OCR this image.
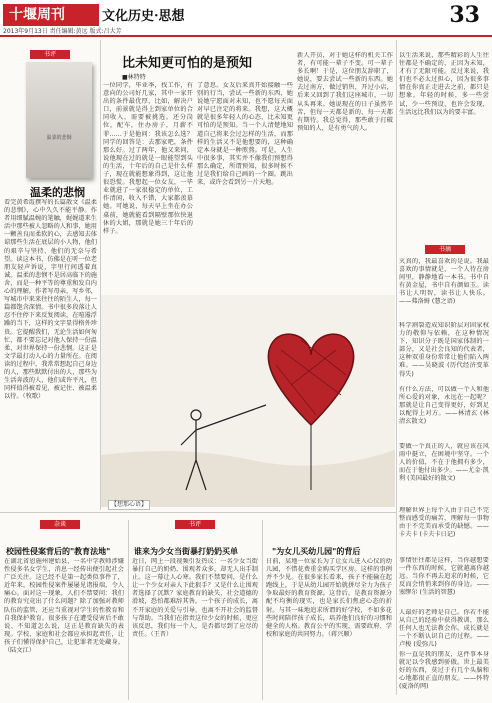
十堰周刊	文化历史·思想	33
2013年9月13日 责任编辑:黄远 版式:吕大芳
书评
温柔的悲悯
温柔的悲悯
看完黄希霞撰写的长篇散文《温柔的悲悯》，心中久久不能平静。作者用细腻温婉的笔触，娓娓道来生活中那些被人忽略的人和事，她用一颗善良而柔软的心，去感知去体谅那些生活在底层的小人物，他们的艰辛与坚持、他们的无奈与希望。读这本书，仿佛是在听一位老朋友轻声诉说，字里行间透着真诚。温柔的悲悯不是居高临下的施舍，而是一种平等的尊重和发自内心的理解。作者写母亲，写乡邻，写城市中来来往往的陌生人，每一篇都饱含深情。书中很多段落让人忍不住停下来反复阅读，在喧嚣浮躁的当下，这样的文字显得格外珍贵。它提醒我们，无论生活如何匆忙，都不要忘记对他人保持一份温柔，对世界保持一份悲悯。这正是文学最打动人心的力量所在。在阅读的过程中，我常常想起自己身边的人，那些默默付出的人，那些为生活奔波的人，他们或许平凡，但同样值得被看见、被记住、被温柔以待。（牧歌）
比未知更可怕的是预知
■林特特
一位同学，毕业季，找工作，有意向的公司好几家，其中一家开出的条件最优厚，比如，解决户口，前景就是得上到家单位的合同收入，需要被挑选。还分岗位，配车，住办房子，月薪不菲……于是他问：我该怎么选？同学的回答是：去那家吧，条件那么好。过了两年，他又来问，说他现在过的就是一眼能望到头的生活，十年后的自己是什么样子，现在就能想象得到，这让他很恐慌。我想起一位女友，一毕业就进了一家很稳定的单位，工作清闲，收入不错，大家都羡慕她。可她说，每天早上坐在办公桌前，她就能看到隔壁那位快退休的大姐，那就是她三十年后的样子。
了意思。女友后来真开始接触一些别的行当，尝试一些新的东西，她说她宁愿面对未知，也不愿每天面对早已注定的将来。我想，这大概就是很多年轻人的心态，比未知更可怕的是预知。当一个人清楚地知道自己将来会过怎样的生活，而那样的生活又不是他想要的，这种确定本身就是一种煎熬。可是，人生中很多事，其实并不像我们预想得那么确定，所谓预知，很多时候不过是我们给自己画的一个圈。跳出来，或许会看到另一片天地。
新人开员，对于她这样的机关工作者，有可能一辈子不变。可一辈子多长啊！于是，这位朋友辞职了，她说，要去尝试一些新的东西。她去过南方，做过销售，开过小店，后来又回到了我们这座城市，一切从头再来。她说现在的日子虽然辛苦，但每一天都是新的，每一天都有期待。我总觉得，那些敢于打破预知的人，是有勇气的人。
以生活来说，那些精彩的人生往往都是不确定的，正因为未知，才有了无限可能。反过来说，我们也不必太过担心，因为很多事情在你真正走进去之前，都只是想象。年轻的时候，多一些尝试，少一些预设，也许会发现，生活远比我们以为的要丰富。
【想那心语】
书摘
灭真的，我最喜欢的是说。我最喜欢的事情就是，一个人待在房间里，静静地看一本书。书中自有黄金屋，书中自有颜如玉。读书让人明智，读书让人快乐。——弗洛姆 (慧之语)
科学割裂造成知识阶层对固家权力的敬仰与依赖，在这种情况下，知识分子既是国家体制的一部分，又是社会良知的代表者，这种双重身份常常让他们陷入两难。——吴晓波 (历代经济变革得失)
有什么方法，可以做一个人和他所心爱的对象，永远在一起呢？那就是让自己变得更好，好到足以配得上对方。——林清玄 (林清玄散文)
要做一个真正的人，就应该在风雨中挺立，在困境中坚守。一个人的价值，不在于他拥有多少，而在于他付出多少。——尤金·凯利 (美国最好的散文)
理解世界上每个人由于自己不完整而感受的痛苦，理解每一事物由于不完美而承受的缺憾。——卡夫卡 (卡夫卡日记)
事情往往都是这样，当你越想要一件东西的时候，它就越离你越远。当你不再去追求的时候，它反而会悄悄来到你的身边。——塞缪尔 (生活的智慧)
人最好的老师是自己。你若不能从自己的经验中获得教训，那么任何人也无法教会你。成长就是一个不断认识自己的过程。——卢梭 (爱弥儿)
你一直是我的朋友，这件事本身就足以令我感到骄傲。世上最美好的东西，莫过于有几个头脑和心地都很正直的朋友。——怀特 (夏洛的网)
杂谈
校园性侵案背后的"教育法地"
在湖北省恩施州建始县，一名中学教师涉嫌性侵多名女学生，消息一经传出便引起社会广泛关注。这已经不是第一起类似事件了，近年来，校园性侵案件屡屡见诸报端，令人痛心。面对这一现象，人们不禁要问：我们的教育究竟出了什么问题？除了加强对教师队伍的监管，还应当重视对学生的性教育和自我保护教育。很多孩子在遭受侵害后不敢说、不知道怎么说，这正是教育缺失的表现。学校、家庭和社会都应承担起责任，让孩子们懂得保护自己，让犯罪者无处藏身。（陆文江）
书评
谁来为少女当街暴打奶奶买单
近日，网上一段视频引发热议：一名少女当街暴打自己的奶奶，围观者众多，却无人出手制止。这一幕让人心寒。我们不禁要问，是什么让一个少女对亲人下此狠手？又是什么让围观者选择了沉默？家庭教育的缺失、社会道德的滑坡，恐怕都难辞其咎。一个孩子的成长，离不开家庭的关爱与引导，也离不开社会的监督与帮助。当我们在指责这位少女的时候，更应该反思，我们每一个人，是否都尽到了应尽的责任。（王晋）
"为女儿买幼儿园"的背后
日前，某地一位家长为了让女儿进入心仪的幼儿园，不惜花费重金购买学区房。这样的事例并不少见。在很多家长看来，孩子不能输在起跑线上，于是从幼儿园开始就拼尽全力为孩子争取最好的教育资源。这背后，是教育资源分配不均衡的现实，也是家长们焦虑心态的折射。与其一味地追求所谓的好学校，不如多花些时间陪伴孩子成长，培养他们良好的习惯和健全的人格。教育公平的实现，需要政府、学校和家庭的共同努力。（蒋兴顺）
